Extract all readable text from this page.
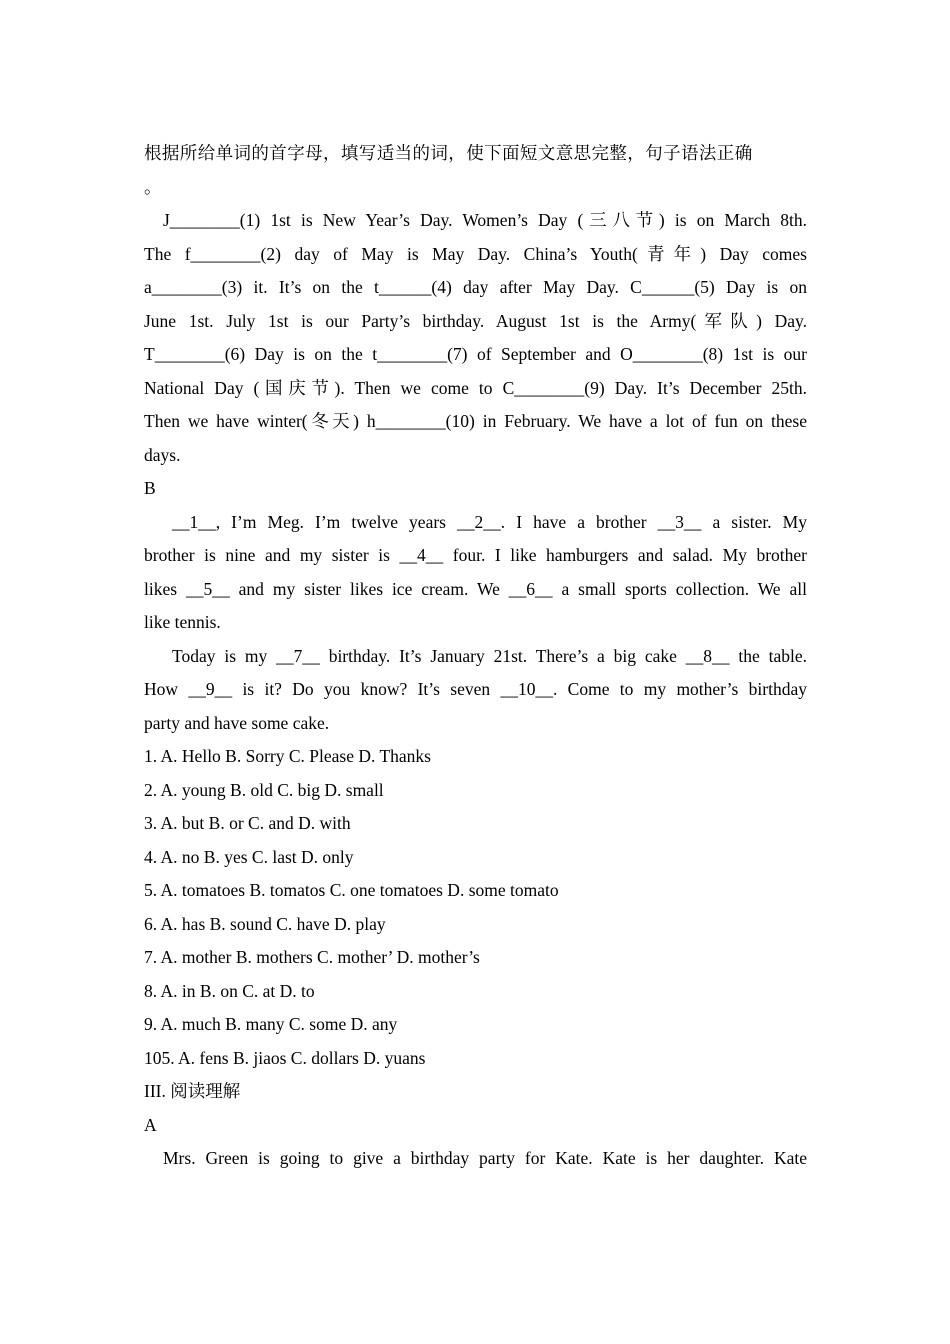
根据所给单词的首字母，填写适当的词，使下面短文意思完整，句子语法正确
。
J________(1) 1st is New Year’s Day. Women’s Day (三八节) is on March 8th.
The f________(2) day of May is May Day. China’s Youth(青年) Day comes
a________(3) it. It’s on the t______(4) day after May Day. C______(5) Day is on
June 1st. July 1st is our Party’s birthday. August 1st is the Army(军队) Day.
T________(6) Day is on the t________(7) of September and O________(8) 1st is our
National Day (国庆节). Then we come to C________(9) Day. It’s December 25th.
Then we have winter(冬天) h________(10) in February. We have a lot of fun on these
days.
B
__1__, I’m Meg. I’m twelve years __2__. I have a brother __3__ a sister. My
brother is nine and my sister is __4__ four. I like hamburgers and salad. My brother
likes __5__ and my sister likes ice cream. We __6__ a small sports collection. We all
like tennis.
Today is my __7__ birthday. It’s January 21st. There’s a big cake __8__ the table.
How __9__ is it? Do you know? It’s seven __10__. Come to my mother’s birthday
party and have some cake.
1. A. Hello B. Sorry C. Please D. Thanks
2. A. young B. old C. big D. small
3. A. but B. or C. and D. with
4. A. no B. yes C. last D. only
5. A. tomatoes B. tomatos C. one tomatoes D. some tomato
6. A. has B. sound C. have D. play
7. A. mother B. mothers C. mother’ D. mother’s
8. A. in B. on C. at D. to
9. A. much B. many C. some D. any
105. A. fens B. jiaos C. dollars D. yuans
III. 阅读理解
A
Mrs. Green is going to give a birthday party for Kate. Kate is her daughter. Kate
